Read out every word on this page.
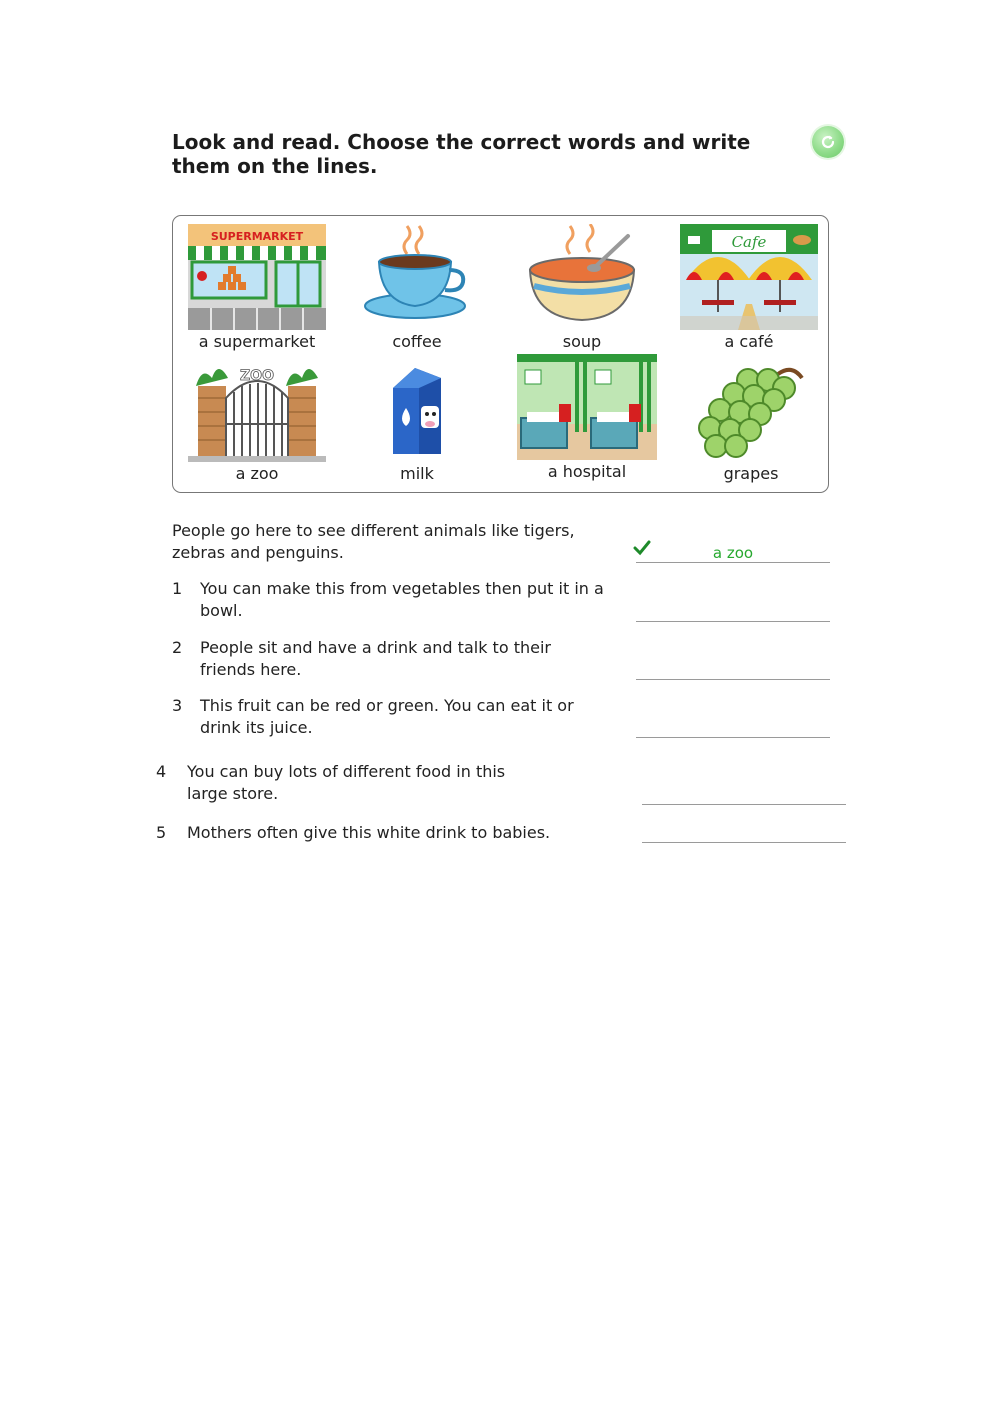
Look and read. Choose the correct words and write them on the lines.
SUPERMARKET
a supermarket	coffee	soup
Cafe
a café
ZOO
a zoo	milk	a hospital	grapes
People go here to see different animals like tigers, zebras and penguins.	a zoo
1 You can make this from vegetables then put it in a bowl.
2 People sit and have a drink and talk to their friends here.
3 This fruit can be red or green. You can eat it or drink its juice.
4 You can buy lots of different food in this large store.
5 Mothers often give this white drink to babies.
